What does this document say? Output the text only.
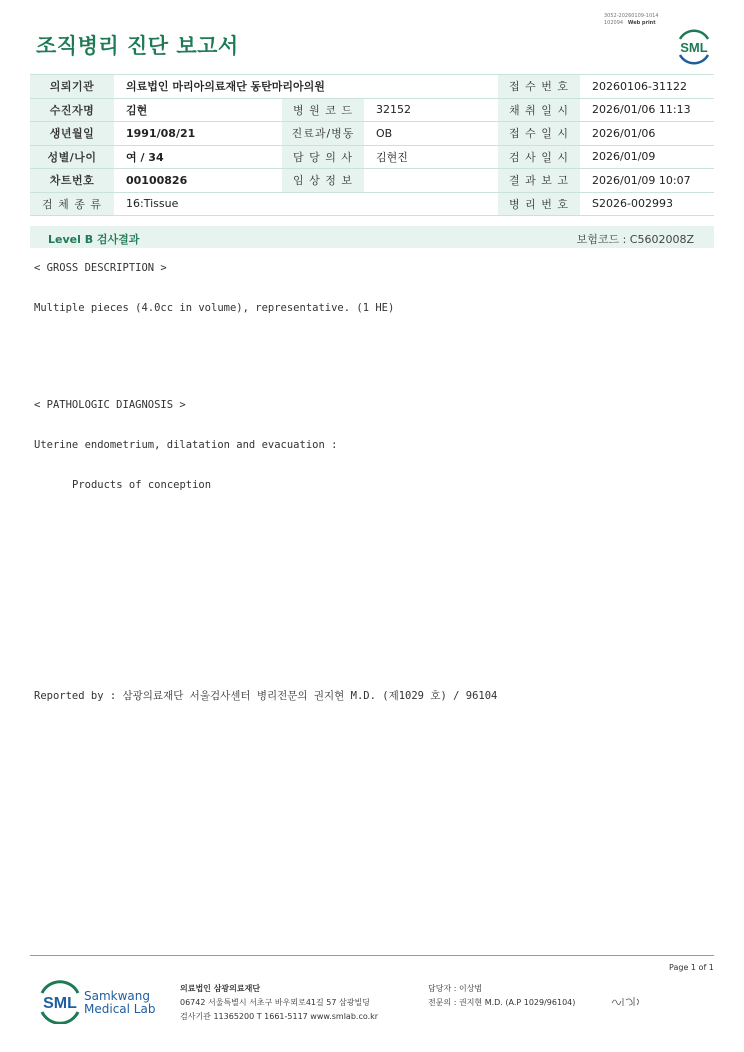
3052-20260109-1014
102094 Web print
조직병리 진단 보고서	SML
의뢰기관	의료법인 마리아의료재단 동탄마리아의원			접 수 번 호	20260106-31122
수진자명	김현	병 원 코 드	32152	채 취 일 시	2026/01/06 11:13
생년월일	1991/08/21	진료과/병동	OB	접 수 일 시	2026/01/06
성별/나이	여 / 34	담 당 의 사	김현진	검 사 일 시	2026/01/09
차트번호	00100826	임 상 정 보		결 과 보 고	2026/01/09 10:07
검 체 종 류	16:Tissue			병 리 번 호	S2026-002993
Level B 검사결과	보험코드 : C5602008Z
< GROSS DESCRIPTION >
Multiple pieces (4.0cc in volume), representative. (1 HE)
< PATHOLOGIC DIAGNOSIS >
Uterine endometrium, dilatation and evacuation :
Products of conception
Reported by : 삼광의료재단 서울검사센터 병리전문의 권지현 M.D. (제1029 호) / 96104
Page 1 of 1
SML Samkwang
Medical Lab
의료법인 삼광의료재단
06742 서울특별시 서초구 바우뫼로41길 57 삼광빌딩
검사기관 11365200 T 1661-5117 www.smlab.co.kr
담당자 : 이상범
전문의 : 권지현 M.D. (A.P 1029/96104)
